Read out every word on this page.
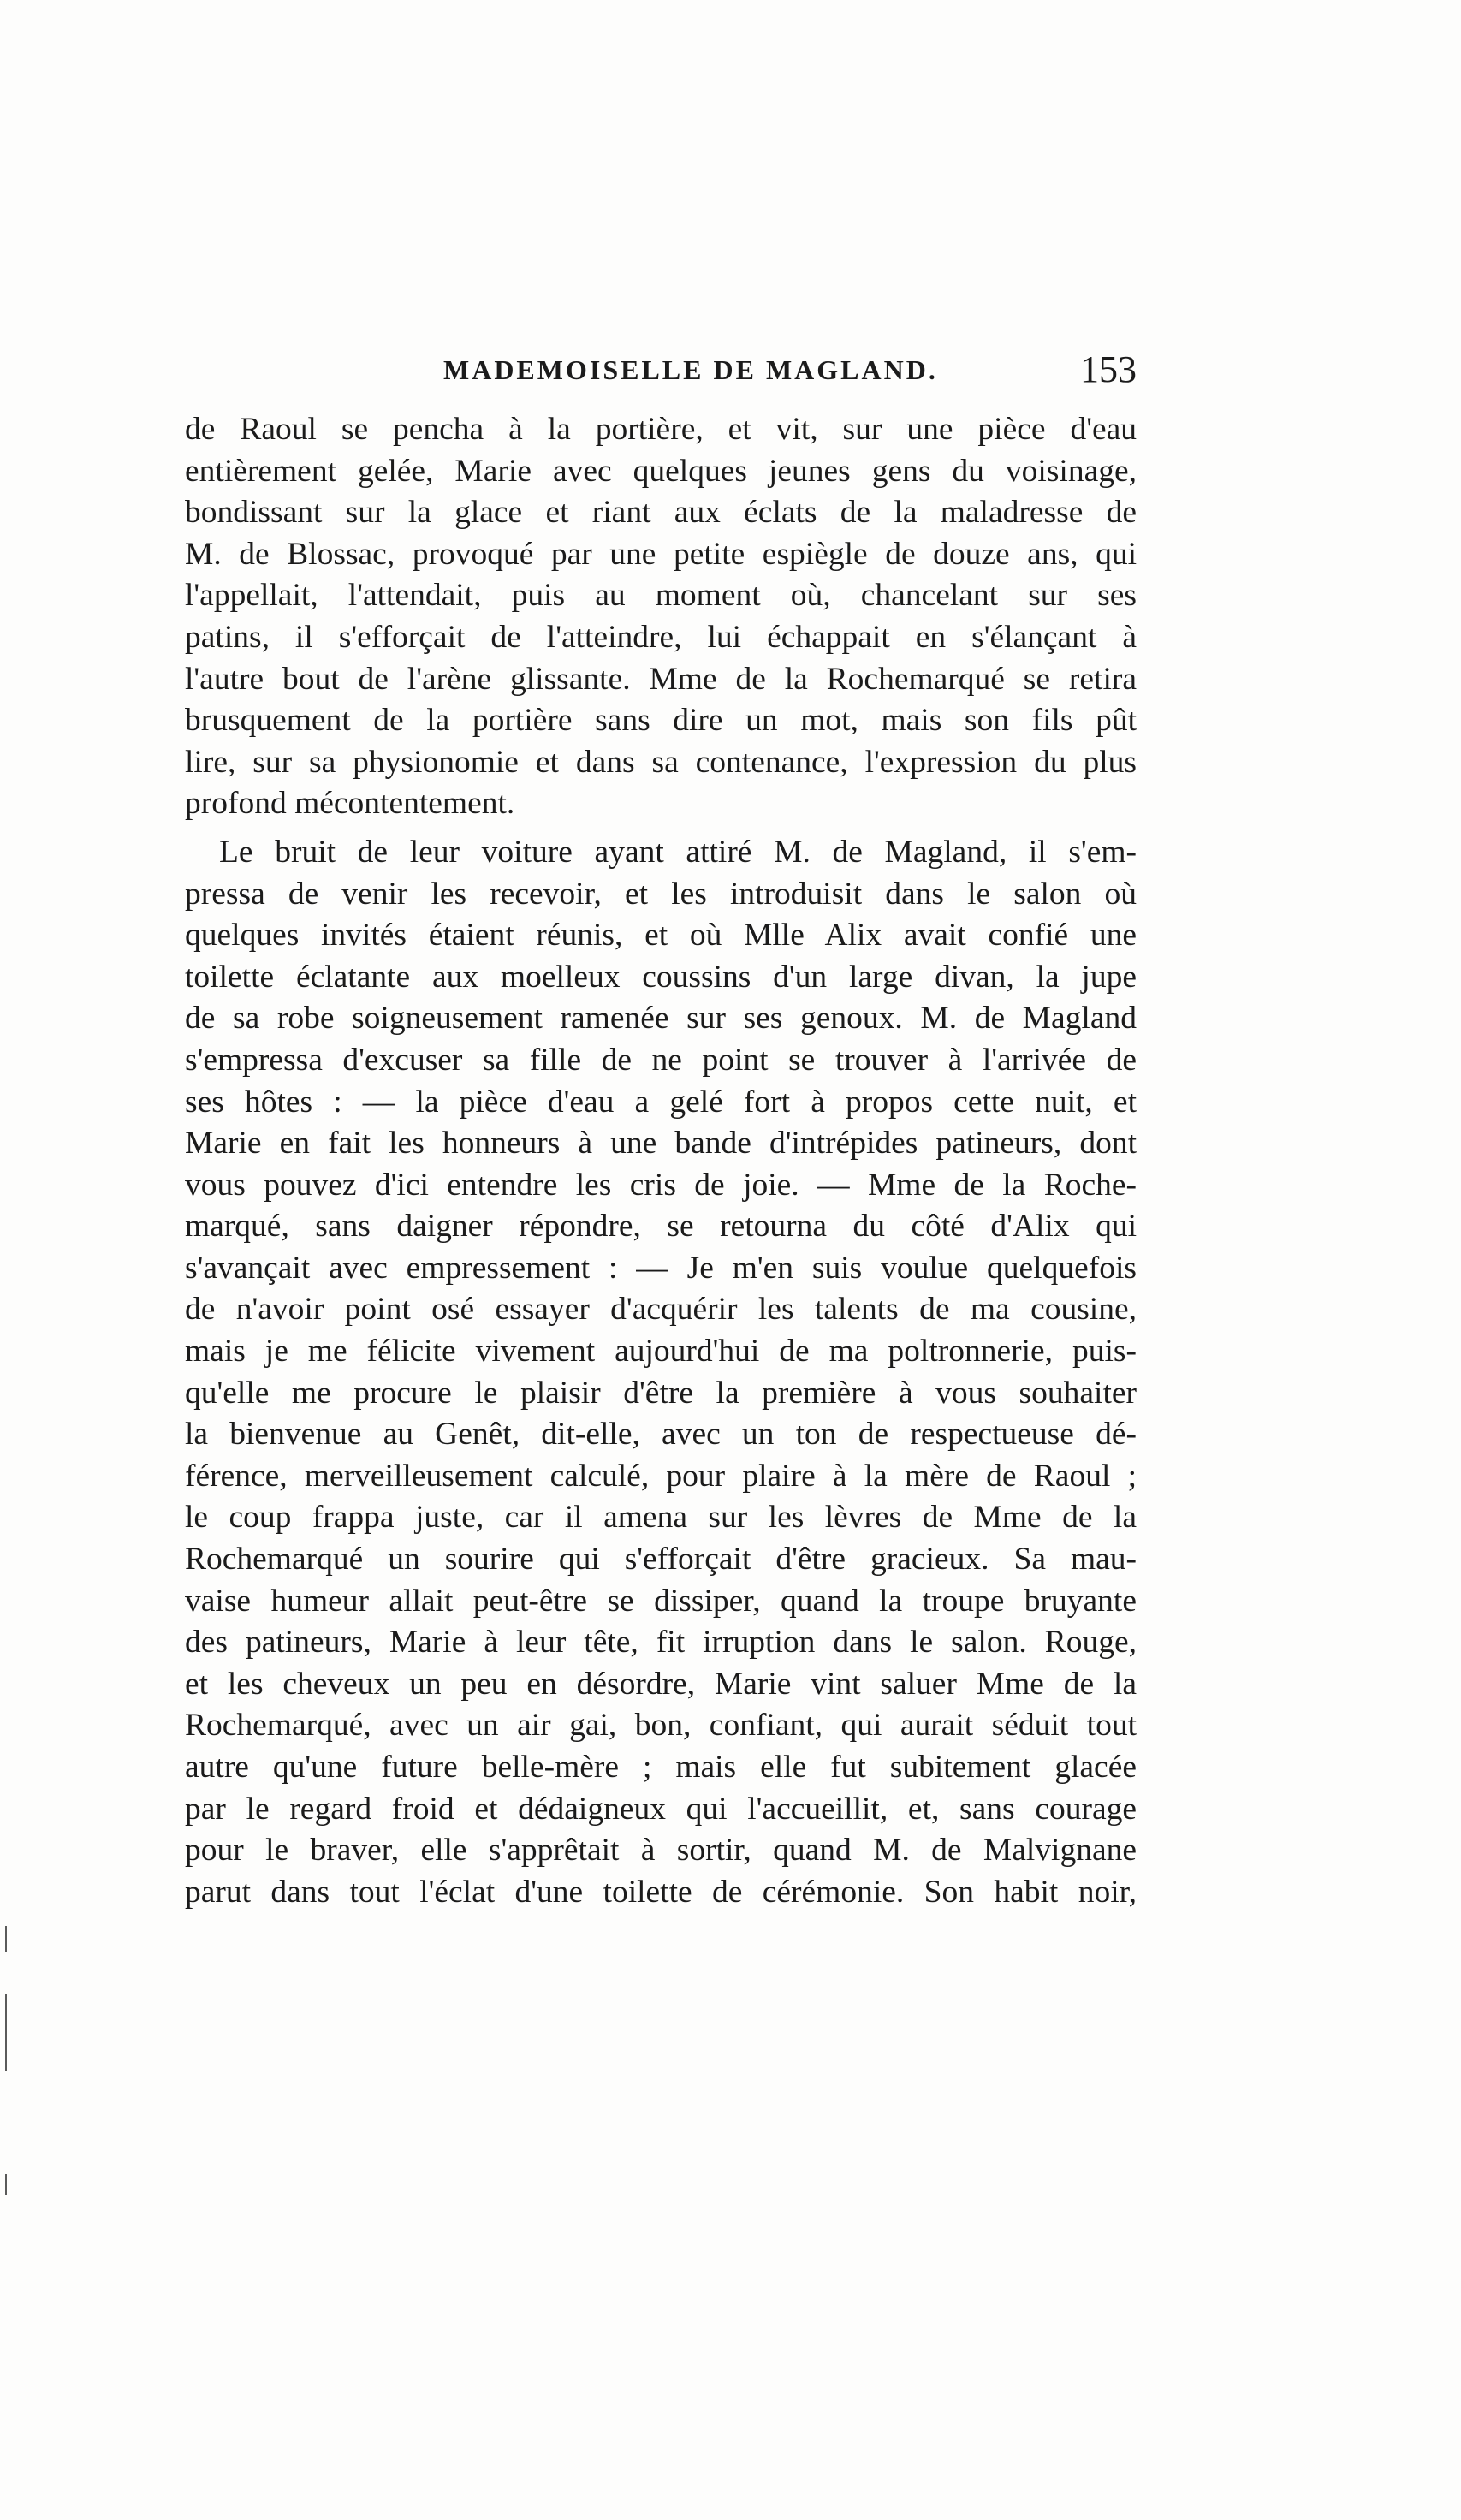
MADEMOISELLE DE MAGLAND.	153
de Raoul se pencha à la portière, et vit, sur une pièce d'eau
entièrement gelée, Marie avec quelques jeunes gens du voisinage,
bondissant sur la glace et riant aux éclats de la maladresse de
M. de Blossac, provoqué par une petite espiègle de douze ans, qui
l'appellait, l'attendait, puis au moment où, chancelant sur ses
patins, il s'efforçait de l'atteindre, lui échappait en s'élançant à
l'autre bout de l'arène glissante. Mme de la Rochemarqué se retira
brusquement de la portière sans dire un mot, mais son fils pût
lire, sur sa physionomie et dans sa contenance, l'expression du plus
profond mécontentement.
Le bruit de leur voiture ayant attiré M. de Magland, il s'em-
pressa de venir les recevoir, et les introduisit dans le salon où
quelques invités étaient réunis, et où Mlle Alix avait confié une
toilette éclatante aux moelleux coussins d'un large divan, la jupe
de sa robe soigneusement ramenée sur ses genoux. M. de Magland
s'empressa d'excuser sa fille de ne point se trouver à l'arrivée de
ses hôtes : — la pièce d'eau a gelé fort à propos cette nuit, et
Marie en fait les honneurs à une bande d'intrépides patineurs, dont
vous pouvez d'ici entendre les cris de joie. — Mme de la Roche-
marqué, sans daigner répondre, se retourna du côté d'Alix qui
s'avançait avec empressement : — Je m'en suis voulue quelquefois
de n'avoir point osé essayer d'acquérir les talents de ma cousine,
mais je me félicite vivement aujourd'hui de ma poltronnerie, puis-
qu'elle me procure le plaisir d'être la première à vous souhaiter
la bienvenue au Genêt, dit-elle, avec un ton de respectueuse dé-
férence, merveilleusement calculé, pour plaire à la mère de Raoul ;
le coup frappa juste, car il amena sur les lèvres de Mme de la
Rochemarqué un sourire qui s'efforçait d'être gracieux. Sa mau-
vaise humeur allait peut-être se dissiper, quand la troupe bruyante
des patineurs, Marie à leur tête, fit irruption dans le salon. Rouge,
et les cheveux un peu en désordre, Marie vint saluer Mme de la
Rochemarqué, avec un air gai, bon, confiant, qui aurait séduit tout
autre qu'une future belle-mère ; mais elle fut subitement glacée
par le regard froid et dédaigneux qui l'accueillit, et, sans courage
pour le braver, elle s'apprêtait à sortir, quand M. de Malvignane
parut dans tout l'éclat d'une toilette de cérémonie. Son habit noir,
